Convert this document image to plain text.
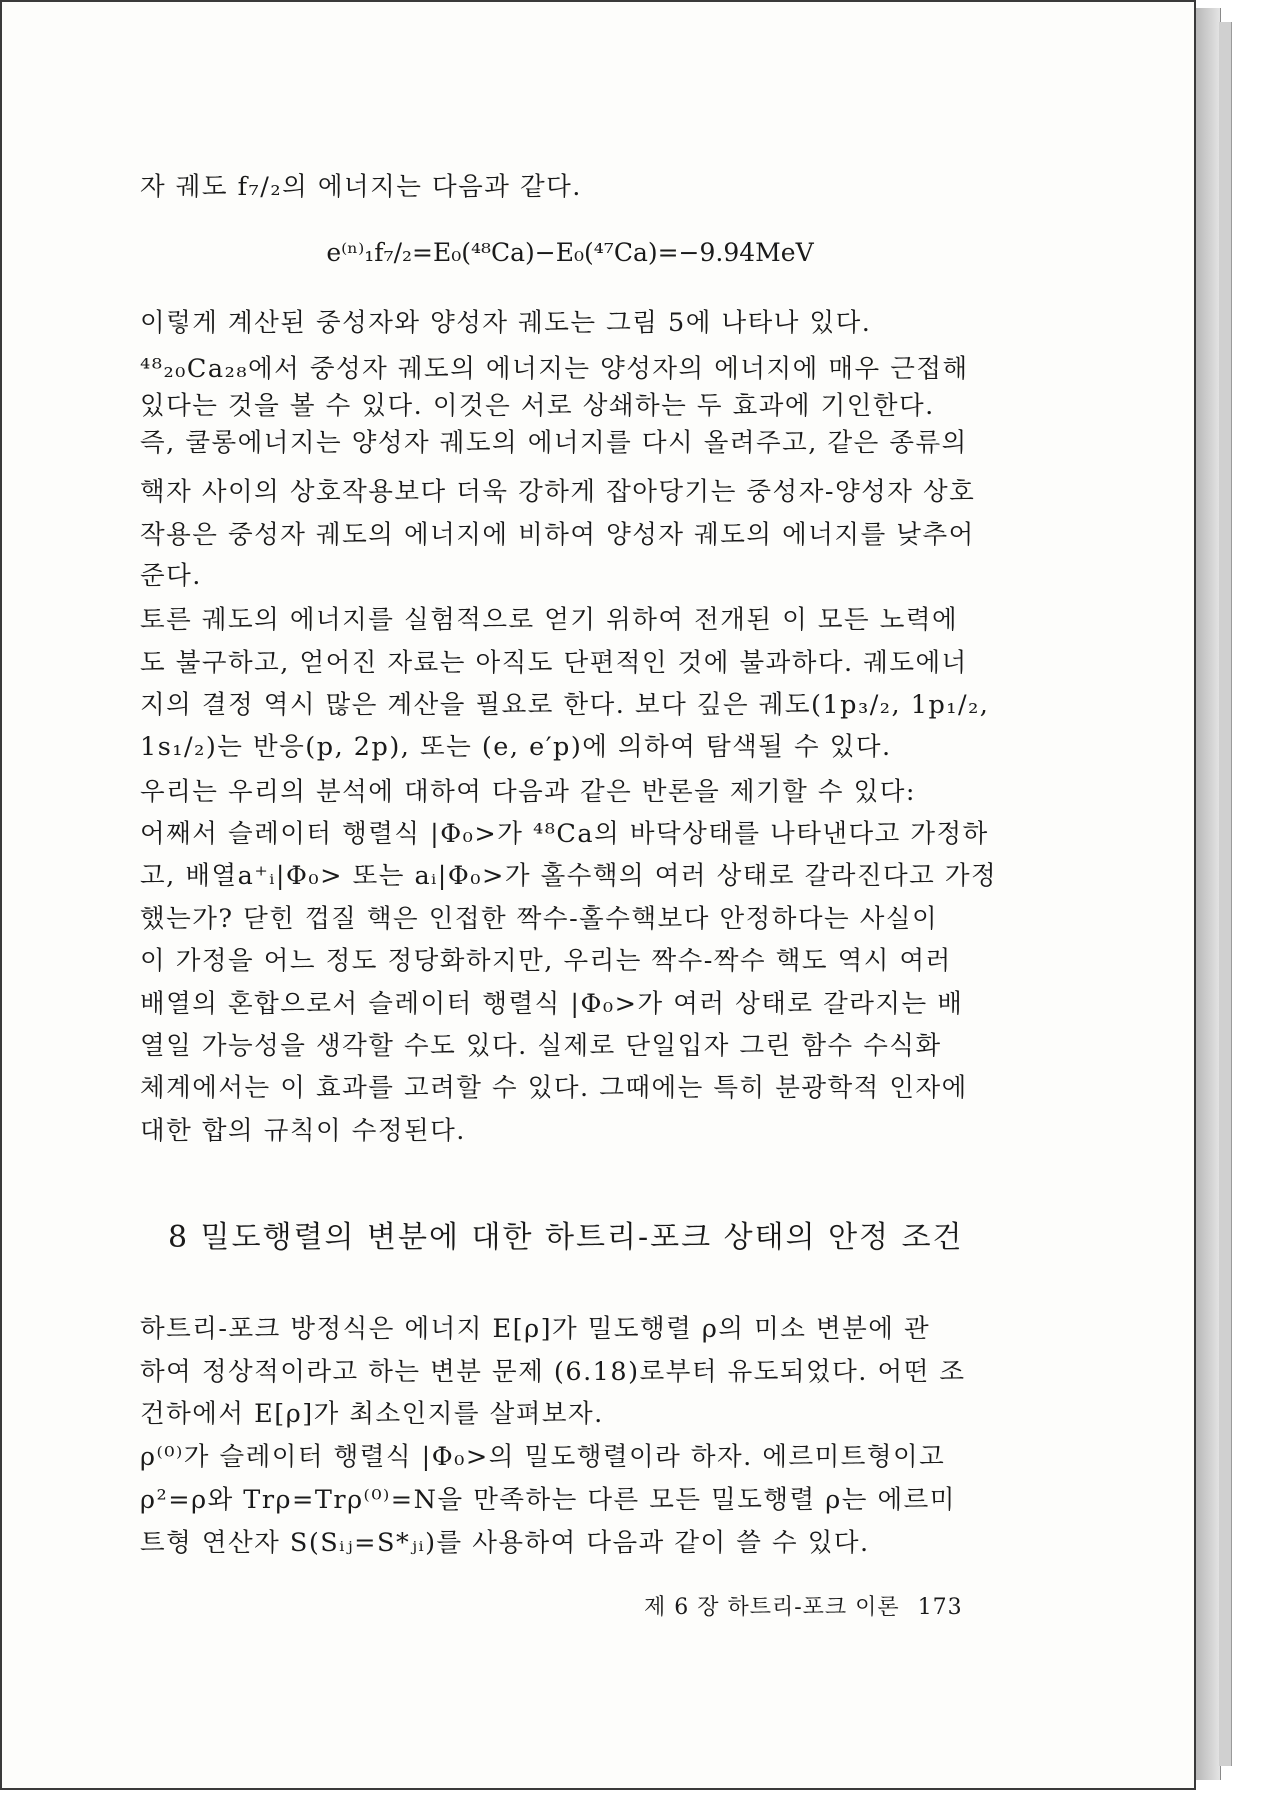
자 궤도 f₇/₂의 에너지는 다음과 같다.

e⁽ⁿ⁾₁f₇/₂=E₀(⁴⁸Ca)−E₀(⁴⁷Ca)=−9.94MeV

이렇게 계산된 중성자와 양성자 궤도는 그림 5에 나타나 있다.

⁴⁸₂₀Ca₂₈에서 중성자 궤도의 에너지는 양성자의 에너지에 매우 근접해

있다는 것을 볼 수 있다. 이것은 서로 상쇄하는 두 효과에 기인한다.

즉, 쿨롱에너지는 양성자 궤도의 에너지를 다시 올려주고, 같은 종류의

핵자 사이의 상호작용보다 더욱 강하게 잡아당기는 중성자-양성자 상호

작용은 중성자 궤도의 에너지에 비하여 양성자 궤도의 에너지를 낮추어

준다.

토른 궤도의 에너지를 실험적으로 얻기 위하여 전개된 이 모든 노력에

도 불구하고, 얻어진 자료는 아직도 단편적인 것에 불과하다. 궤도에너

지의 결정 역시 많은 계산을 필요로 한다. 보다 깊은 궤도(1p₃/₂, 1p₁/₂,

1s₁/₂)는 반응(p, 2p), 또는 (e, e′p)에 의하여 탐색될 수 있다.

우리는 우리의 분석에 대하여 다음과 같은 반론을 제기할 수 있다:

어째서 슬레이터 행렬식 |Φ₀>가 ⁴⁸Ca의 바닥상태를 나타낸다고 가정하

고, 배열a⁺ᵢ|Φ₀> 또는 aᵢ|Φ₀>가 홀수핵의 여러 상태로 갈라진다고 가정

했는가? 닫힌 껍질 핵은 인접한 짝수-홀수핵보다 안정하다는 사실이

이 가정을 어느 정도 정당화하지만, 우리는 짝수-짝수 핵도 역시 여러

배열의 혼합으로서 슬레이터 행렬식 |Φ₀>가 여러 상태로 갈라지는 배

열일 가능성을 생각할 수도 있다. 실제로 단일입자 그린 함수 수식화

체계에서는 이 효과를 고려할 수 있다. 그때에는 특히 분광학적 인자에

대한 합의 규칙이 수정된다.

8 밀도행렬의 변분에 대한 하트리-포크 상태의 안정 조건

하트리-포크 방정식은 에너지 E[ρ]가 밀도행렬 ρ의 미소 변분에 관

하여 정상적이라고 하는 변분 문제 (6.18)로부터 유도되었다. 어떤 조

건하에서 E[ρ]가 최소인지를 살펴보자.

ρ⁽⁰⁾가 슬레이터 행렬식 |Φ₀>의 밀도행렬이라 하자. 에르미트형이고

ρ²=ρ와 Trρ=Trρ⁽⁰⁾=N을 만족하는 다른 모든 밀도행렬 ρ는 에르미

트형 연산자 S(Sᵢⱼ=S*ⱼᵢ)를 사용하여 다음과 같이 쓸 수 있다.

제 6 장 하트리-포크 이론 173
